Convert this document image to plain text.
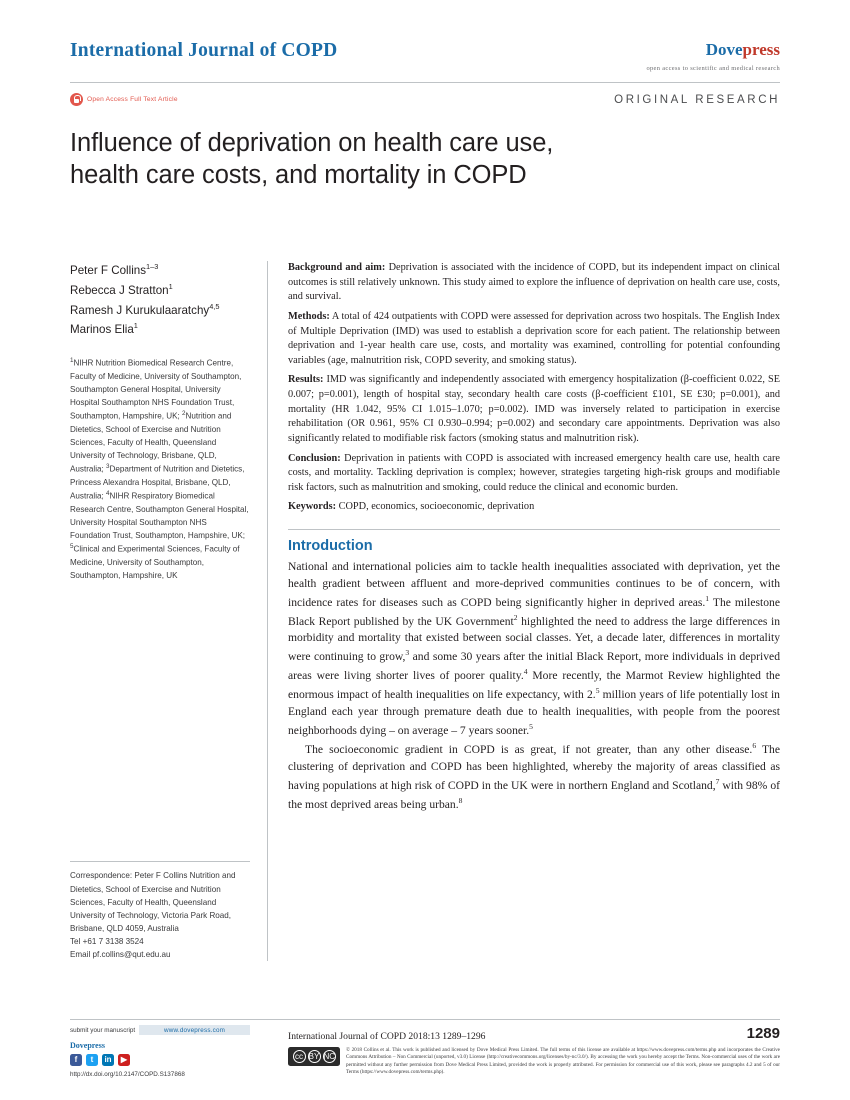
International Journal of COPD	Dovepress
open access to scientific and medical research
Open Access Full Text Article	ORIGINAL RESEARCH
Influence of deprivation on health care use,
health care costs, and mortality in COPD
Peter F Collins$^{1-3}$
Rebecca J Stratton$^1$
Ramesh J Kurukulaaratchy$^{4,5}$
Marinos Elia$^1$
$^1$NIHR Nutrition Biomedical Research Centre, Faculty of Medicine, University of Southampton, Southampton General Hospital, University Hospital Southampton NHS Foundation Trust, Southampton, Hampshire, UK; $^2$Nutrition and Dietetics, School of Exercise and Nutrition Sciences, Faculty of Health, Queensland University of Technology, Brisbane, QLD, Australia; $^3$Department of Nutrition and Dietetics, Princess Alexandra Hospital, Brisbane, QLD, Australia; $^4$NIHR Respiratory Biomedical Research Centre, Southampton General Hospital, University Hospital Southampton NHS Foundation Trust, Southampton, Hampshire, UK; $^5$Clinical and Experimental Sciences, Faculty of Medicine, University of Southampton, Southampton, Hampshire, UK
Correspondence: Peter F Collins Nutrition and Dietetics, School of Exercise and Nutrition Sciences, Faculty of Health, Queensland University of Technology, Victoria Park Road, Brisbane, QLD 4059, Australia
Tel +61 7 3138 3524
Email pf.collins@qut.edu.au

Background and aim: Deprivation is associated with the incidence of COPD, but its independent impact on clinical outcomes is still relatively unknown. This study aimed to explore the influence of deprivation on health care use, costs, and survival.

Methods: A total of 424 outpatients with COPD were assessed for deprivation across two hospitals. The English Index of Multiple Deprivation (IMD) was used to establish a deprivation score for each patient. The relationship between deprivation and 1-year health care use, costs, and mortality was examined, controlling for potential confounding variables (age, malnutrition risk, COPD severity, and smoking status).

Results: IMD was significantly and independently associated with emergency hospitalization (β-coefficient 0.022, SE 0.007; p=0.001), length of hospital stay, secondary health care costs (β-coefficient £101, SE £30; p=0.001), and mortality (HR 1.042, 95% CI 1.015–1.070; p=0.002). IMD was inversely related to participation in exercise rehabilitation (OR 0.961, 95% CI 0.930–0.994; p=0.002) and secondary care appointments. Deprivation was also significantly related to modifiable risk factors (smoking status and malnutrition risk).

Conclusion: Deprivation in patients with COPD is associated with increased emergency health care use, health care costs, and mortality. Tackling deprivation is complex; however, strategies targeting high-risk groups and modifiable risk factors, such as malnutrition and smoking, could reduce the clinical and economic burden.

Keywords: COPD, economics, socioeconomic, deprivation

Introduction

National and international policies aim to tackle health inequalities associated with deprivation, yet the health gradient between affluent and more-deprived communities continues to be of concern, with incidence rates for diseases such as COPD being significantly higher in deprived areas.$^1$ The milestone Black Report published by the UK Government$^2$ highlighted the need to address the large differences in morbidity and mortality that existed between social classes. Yet, a decade later, differences in mortality were continuing to grow,$^3$ and some 30 years after the initial Black Report, more individuals in deprived areas were living shorter lives of poorer quality.$^4$ More recently, the Marmot Review highlighted the enormous impact of health inequalities on life expectancy, with 2.$^5$ million years of life potentially lost in England each year through premature death due to health inequalities, with people from the poorest neighborhoods dying – on average – 7 years sooner.$^5$

The socioeconomic gradient in COPD is as great, if not greater, than any other disease.$^6$ The clustering of deprivation and COPD has been highlighted, whereby the majority of areas classified as having populations at high risk of COPD in the UK were in northern England and Scotland,$^7$ with 98% of the most deprived areas being urban.$^8$

submit your manuscript	www.dovepress.com
Dovepress
f	t	in	▶
http://dx.doi.org/10.2147/COPD.S137868
International Journal of COPD 2018:13 1289–1296	1289
cc BY NC
© 2018 Collins et al. This work is published and licensed by Dove Medical Press Limited. The full terms of this license are available at https://www.dovepress.com/terms.php and incorporates the Creative Commons Attribution – Non Commercial (unported, v3.0) License (http://creativecommons.org/licenses/by-nc/3.0/). By accessing the work you hereby accept the Terms. Non-commercial uses of the work are permitted without any further permission from Dove Medical Press Limited, provided the work is properly attributed. For permission for commercial use of this work, please see paragraphs 4.2 and 5 of our Terms (https://www.dovepress.com/terms.php).
